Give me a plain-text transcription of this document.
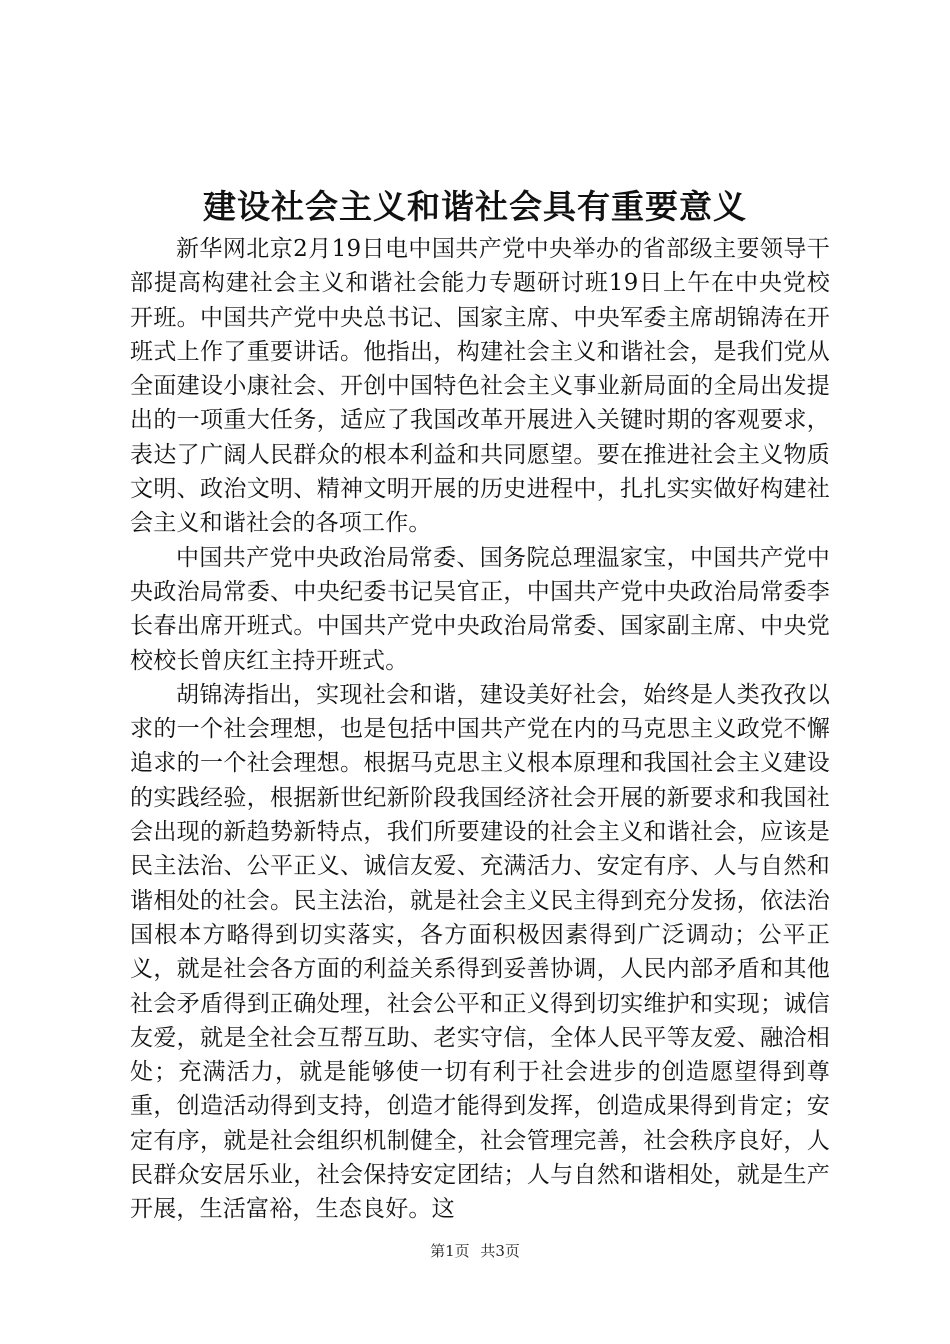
建设社会主义和谐社会具有重要意义

新华网北京2月19日电中国共产党中央举办的省部级主要领导干部提高构建社会主义和谐社会能力专题研讨班19日上午在中央党校开班。中国共产党中央总书记、国家主席、中央军委主席胡锦涛在开班式上作了重要讲话。他指出，构建社会主义和谐社会，是我们党从全面建设小康社会、开创中国特色社会主义事业新局面的全局出发提出的一项重大任务，适应了我国改革开展进入关键时期的客观要求，表达了广阔人民群众的根本利益和共同愿望。要在推进社会主义物质文明、政治文明、精神文明开展的历史进程中，扎扎实实做好构建社会主义和谐社会的各项工作。

中国共产党中央政治局常委、国务院总理温家宝，中国共产党中央政治局常委、中央纪委书记吴官正，中国共产党中央政治局常委李长春出席开班式。中国共产党中央政治局常委、国家副主席、中央党校校长曾庆红主持开班式。

胡锦涛指出，实现社会和谐，建设美好社会，始终是人类孜孜以求的一个社会理想，也是包括中国共产党在内的马克思主义政党不懈追求的一个社会理想。根据马克思主义根本原理和我国社会主义建设的实践经验，根据新世纪新阶段我国经济社会开展的新要求和我国社会出现的新趋势新特点，我们所要建设的社会主义和谐社会，应该是民主法治、公平正义、诚信友爱、充满活力、安定有序、人与自然和谐相处的社会。民主法治，就是社会主义民主得到充分发扬，依法治国根本方略得到切实落实，各方面积极因素得到广泛调动；公平正义，就是社会各方面的利益关系得到妥善协调，人民内部矛盾和其他社会矛盾得到正确处理，社会公平和正义得到切实维护和实现；诚信友爱，就是全社会互帮互助、老实守信，全体人民平等友爱、融洽相处；充满活力，就是能够使一切有利于社会进步的创造愿望得到尊重，创造活动得到支持，创造才能得到发挥，创造成果得到肯定；安定有序，就是社会组织机制健全，社会管理完善，社会秩序良好，人民群众安居乐业，社会保持安定团结；人与自然和谐相处，就是生产开展，生活富裕，生态良好。这

第1页 共3页
